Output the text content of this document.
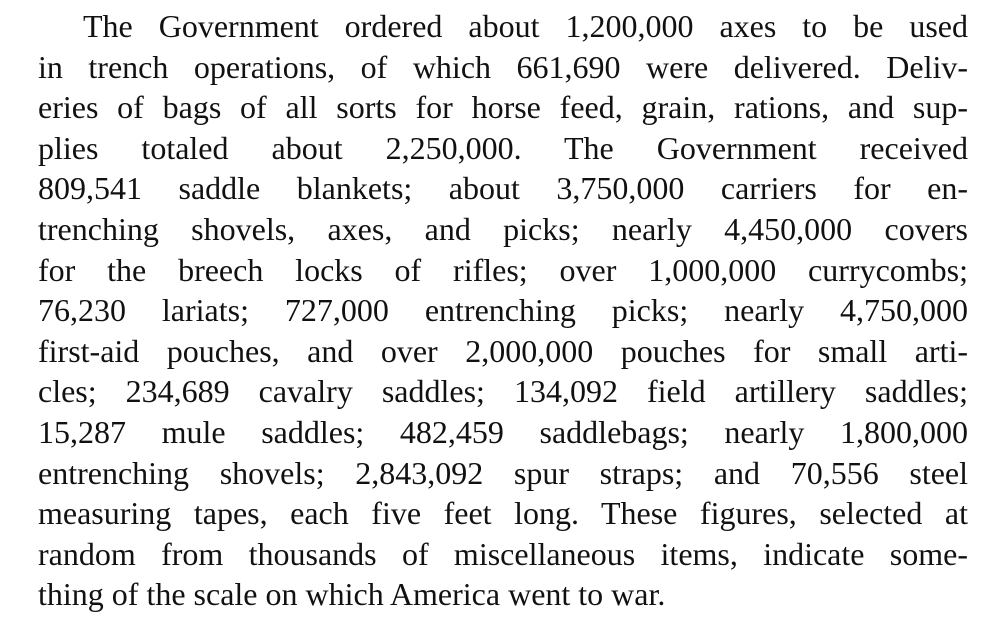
The Government ordered about 1,200,000 axes to be used
in trench operations, of which 661,690 were delivered. Deliv-
eries of bags of all sorts for horse feed, grain, rations, and sup-
plies totaled about 2,250,000. The Government received
809,541 saddle blankets; about 3,750,000 carriers for en-
trenching shovels, axes, and picks; nearly 4,450,000 covers
for the breech locks of rifles; over 1,000,000 currycombs;
76,230 lariats; 727,000 entrenching picks; nearly 4,750,000
first-aid pouches, and over 2,000,000 pouches for small arti-
cles; 234,689 cavalry saddles; 134,092 field artillery saddles;
15,287 mule saddles; 482,459 saddlebags; nearly 1,800,000
entrenching shovels; 2,843,092 spur straps; and 70,556 steel
measuring tapes, each five feet long. These figures, selected at
random from thousands of miscellaneous items, indicate some-
thing of the scale on which America went to war.
